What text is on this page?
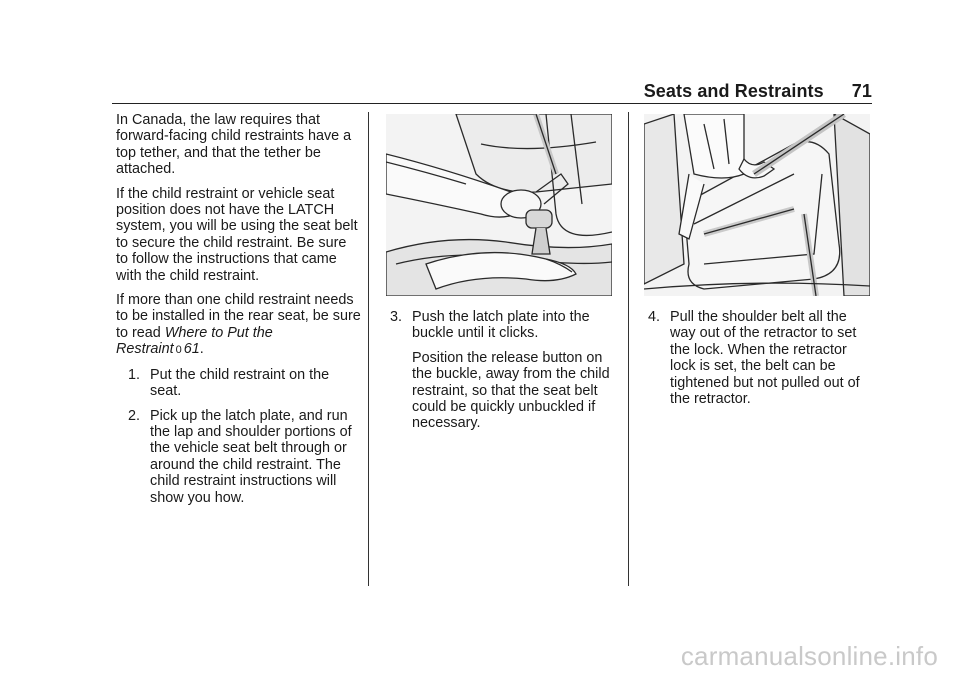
Seats and Restraints 71

In Canada, the law requires that forward-facing child restraints have a top tether, and that the tether be attached.

If the child restraint or vehicle seat position does not have the LATCH system, you will be using the seat belt to secure the child restraint. Be sure to follow the instructions that came with the child restraint.

If more than one child restraint needs to be installed in the rear seat, be sure to read Where to Put the Restraint 0 61.

1. Put the child restraint on the seat.
2. Pick up the latch plate, and run the lap and shoulder portions of the vehicle seat belt through or around the child restraint. The child restraint instructions will show you how.
3. Push the latch plate into the buckle until it clicks.

Position the release button on the buckle, away from the child restraint, so that the seat belt could be quickly unbuckled if necessary.

4. Pull the shoulder belt all the way out of the retractor to set the lock. When the retractor lock is set, the belt can be tightened but not pulled out of the retractor.
carmanualsonline.info
